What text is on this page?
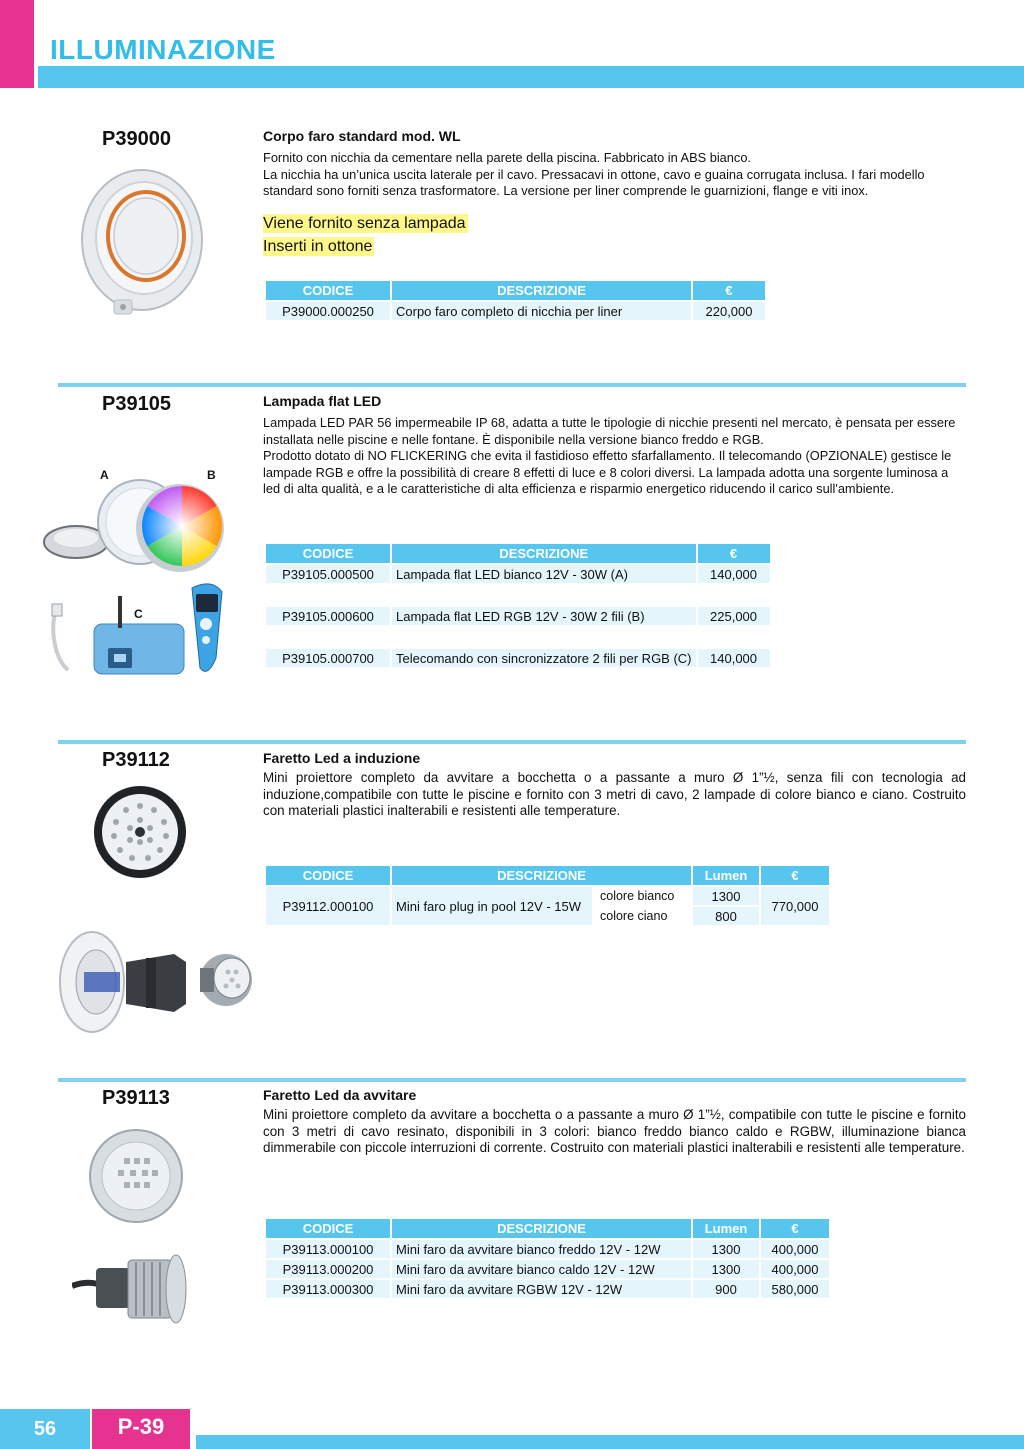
ILLUMINAZIONE
P39000	Corpo faro standard mod. WL

Fornito con nicchia da cementare nella parete della piscina. Fabbricato in ABS bianco.

La nicchia ha un’unica uscita laterale per il cavo. Pressacavi in ottone, cavo e guaina corrugata inclusa. I fari modello standard sono forniti senza trasformatore. La versione per liner comprende le guarnizioni, flange e viti inox.

Viene fornito senza lampada
Inserti in ottone
CODICE	DESCRIZIONE	€
P39000.000250	Corpo faro completo di nicchia per liner	220,000
P39105	Lampada flat LED

Lampada LED PAR 56 impermeabile IP 68, adatta a tutte le tipologie di nicchie presenti nel mercato, è pensata per essere installata nelle piscine e nelle fontane. È disponibile nella versione bianco freddo e RGB.

Prodotto dotato di NO FLICKERING che evita il fastidioso effetto sfarfallamento. Il telecomando (OPZIONALE) gestisce le lampade RGB e offre la possibilità di creare 8 effetti di luce e 8 colori diversi. La lampada adotta una sorgente luminosa a led di alta qualità, e a le caratteristiche di alta efficienza e risparmio energetico riducendo il carico sull'ambiente.

A	B
C
CODICE	DESCRIZIONE	€
P39105.000500	Lampada flat LED bianco 12V - 30W (A)	140,000

P39105.000600	Lampada flat LED RGB 12V - 30W 2 fili (B)	225,000

P39105.000700	Telecomando con sincronizzatore 2 fili per RGB (C)	140,000
P39112	Faretto Led a induzione

Mini proiettore completo da avvitare a bocchetta o a passante a muro Ø 1”½, senza fili con tecnologia ad induzione,compatibile con tutte le piscine e fornito con 3 metri di cavo, 2 lampade di colore bianco e ciano. Costruito con materiali plastici inalterabili e resistenti alle temperature.

CODICE	DESCRIZIONE		Lumen	€
P39112.000100	Mini faro plug in pool 12V - 15W	colore bianco	1300	770,000
		colore ciano	800	
P39113	Faretto Led da avvitare

Mini proiettore completo da avvitare a bocchetta o a passante a muro Ø 1”½, compatibile con tutte le piscine e fornito con 3 metri di cavo resinato, disponibili in 3 colori: bianco freddo bianco caldo e RGBW, illuminazione bianca dimmerabile con piccole interruzioni di corrente. Costruito con materiali plastici inalterabili e resistenti alle temperature.

CODICE	DESCRIZIONE	Lumen	€
P39113.000100	Mini faro da avvitare bianco freddo 12V - 12W	1300	400,000
P39113.000200	Mini faro da avvitare bianco caldo 12V - 12W	1300	400,000
P39113.000300	Mini faro da avvitare RGBW 12V - 12W	900	580,000
56	P-39
